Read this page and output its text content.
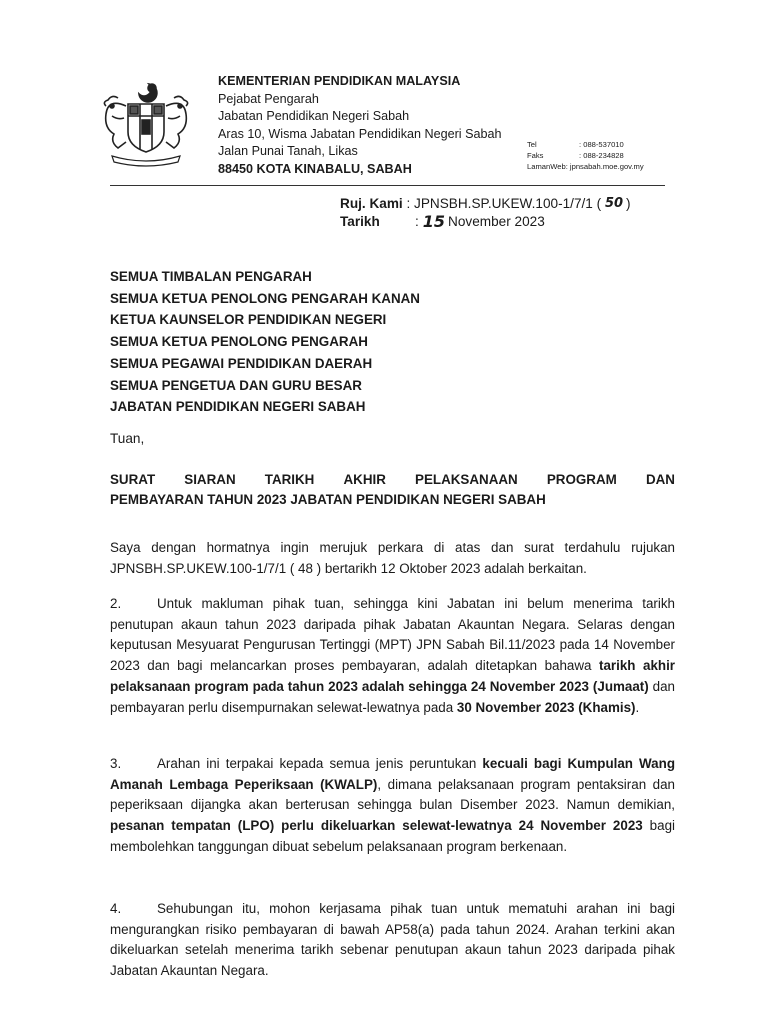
KEMENTERIAN PENDIDIKAN MALAYSIA
Pejabat Pengarah
Jabatan Pendidikan Negeri Sabah
Aras 10, Wisma Jabatan Pendidikan Negeri Sabah
Jalan Punai Tanah, Likas
88450 KOTA KINABALU, SABAH
Tel	: 088-537010
Faks	: 088-234828
LamanWeb : jpnsabah.moe.gov.my
Ruj. Kami
: JPNSBH.SP.UKEW.100-1/7/1 ( 50 )
Tarikh	: 15 November 2023
SEMUA TIMBALAN PENGARAH
SEMUA KETUA PENOLONG PENGARAH KANAN
KETUA KAUNSELOR PENDIDIKAN NEGERI
SEMUA KETUA PENOLONG PENGARAH
SEMUA PEGAWAI PENDIDIKAN DAERAH
SEMUA PENGETUA DAN GURU BESAR
JABATAN PENDIDIKAN NEGERI SABAH
Tuan,
SURAT SIARAN TARIKH AKHIR PELAKSANAAN PROGRAM DAN
PEMBAYARAN TAHUN 2023 JABATAN PENDIDIKAN NEGERI SABAH
Saya dengan hormatnya ingin merujuk perkara di atas dan surat terdahulu rujukan JPNSBH.SP.UKEW.100-1/7/1 ( 48 ) bertarikh 12 Oktober 2023 adalah berkaitan.
2.	Untuk makluman pihak tuan, sehingga kini Jabatan ini belum menerima tarikh penutupan akaun tahun 2023 daripada pihak Jabatan Akauntan Negara. Selaras dengan keputusan Mesyuarat Pengurusan Tertinggi (MPT) JPN Sabah Bil.11/2023 pada 14 November 2023 dan bagi melancarkan proses pembayaran, adalah ditetapkan bahawa tarikh akhir pelaksanaan program pada tahun 2023 adalah sehingga 24 November 2023 (Jumaat) dan pembayaran perlu disempurnakan selewat-lewatnya pada 30 November 2023 (Khamis).
3.	Arahan ini terpakai kepada semua jenis peruntukan kecuali bagi Kumpulan Wang Amanah Lembaga Peperiksaan (KWALP), dimana pelaksanaan program pentaksiran dan peperiksaan dijangka akan berterusan sehingga bulan Disember 2023. Namun demikian, pesanan tempatan (LPO) perlu dikeluarkan selewat-lewatnya 24 November 2023 bagi membolehkan tanggungan dibuat sebelum pelaksanaan program berkenaan.
4.	Sehubungan itu, mohon kerjasama pihak tuan untuk mematuhi arahan ini bagi mengurangkan risiko pembayaran di bawah AP58(a) pada tahun 2024. Arahan terkini akan dikeluarkan setelah menerima tarikh sebenar penutupan akaun tahun 2023 daripada pihak Jabatan Akauntan Negara.
